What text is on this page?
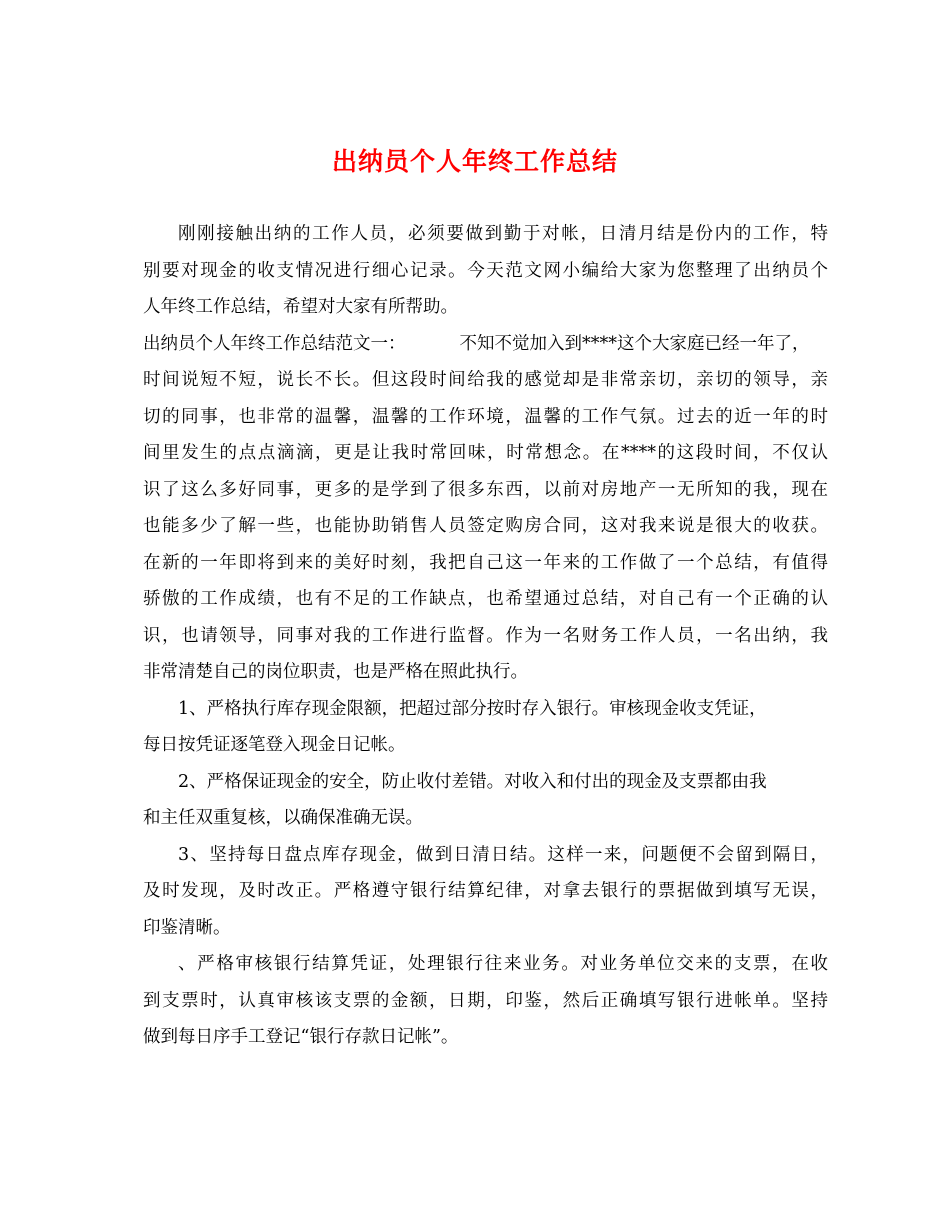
出纳员个人年终工作总结
刚刚接触出纳的工作人员，必须要做到勤于对帐，日清月结是份内的工作，特
别要对现金的收支情况进行细心记录。今天范文网小编给大家为您整理了出纳员个
人年终工作总结，希望对大家有所帮助。
出纳员个人年终工作总结范文一：	不知不觉加入到****这个大家庭已经一年了，
时间说短不短，说长不长。但这段时间给我的感觉却是非常亲切，亲切的领导，亲
切的同事，也非常的温馨，温馨的工作环境，温馨的工作气氛。过去的近一年的时
间里发生的点点滴滴，更是让我时常回味，时常想念。在****的这段时间，不仅认
识了这么多好同事，更多的是学到了很多东西，以前对房地产一无所知的我，现在
也能多少了解一些，也能协助销售人员签定购房合同，这对我来说是很大的收获。
在新的一年即将到来的美好时刻，我把自己这一年来的工作做了一个总结，有值得
骄傲的工作成绩，也有不足的工作缺点，也希望通过总结，对自己有一个正确的认
识，也请领导，同事对我的工作进行监督。作为一名财务工作人员，一名出纳，我
非常清楚自己的岗位职责，也是严格在照此执行。
1、严格执行库存现金限额，把超过部分按时存入银行。审核现金收支凭证，
每日按凭证逐笔登入现金日记帐。
2、严格保证现金的安全，防止收付差错。对收入和付出的现金及支票都由我
和主任双重复核，以确保准确无误。
3、坚持每日盘点库存现金，做到日清日结。这样一来，问题便不会留到隔日，
及时发现，及时改正。严格遵守银行结算纪律，对拿去银行的票据做到填写无误，
印鉴清晰。
、严格审核银行结算凭证，处理银行往来业务。对业务单位交来的支票，在收
到支票时，认真审核该支票的金额，日期，印鉴，然后正确填写银行进帐单。坚持
做到每日序手工登记“银行存款日记帐”。
